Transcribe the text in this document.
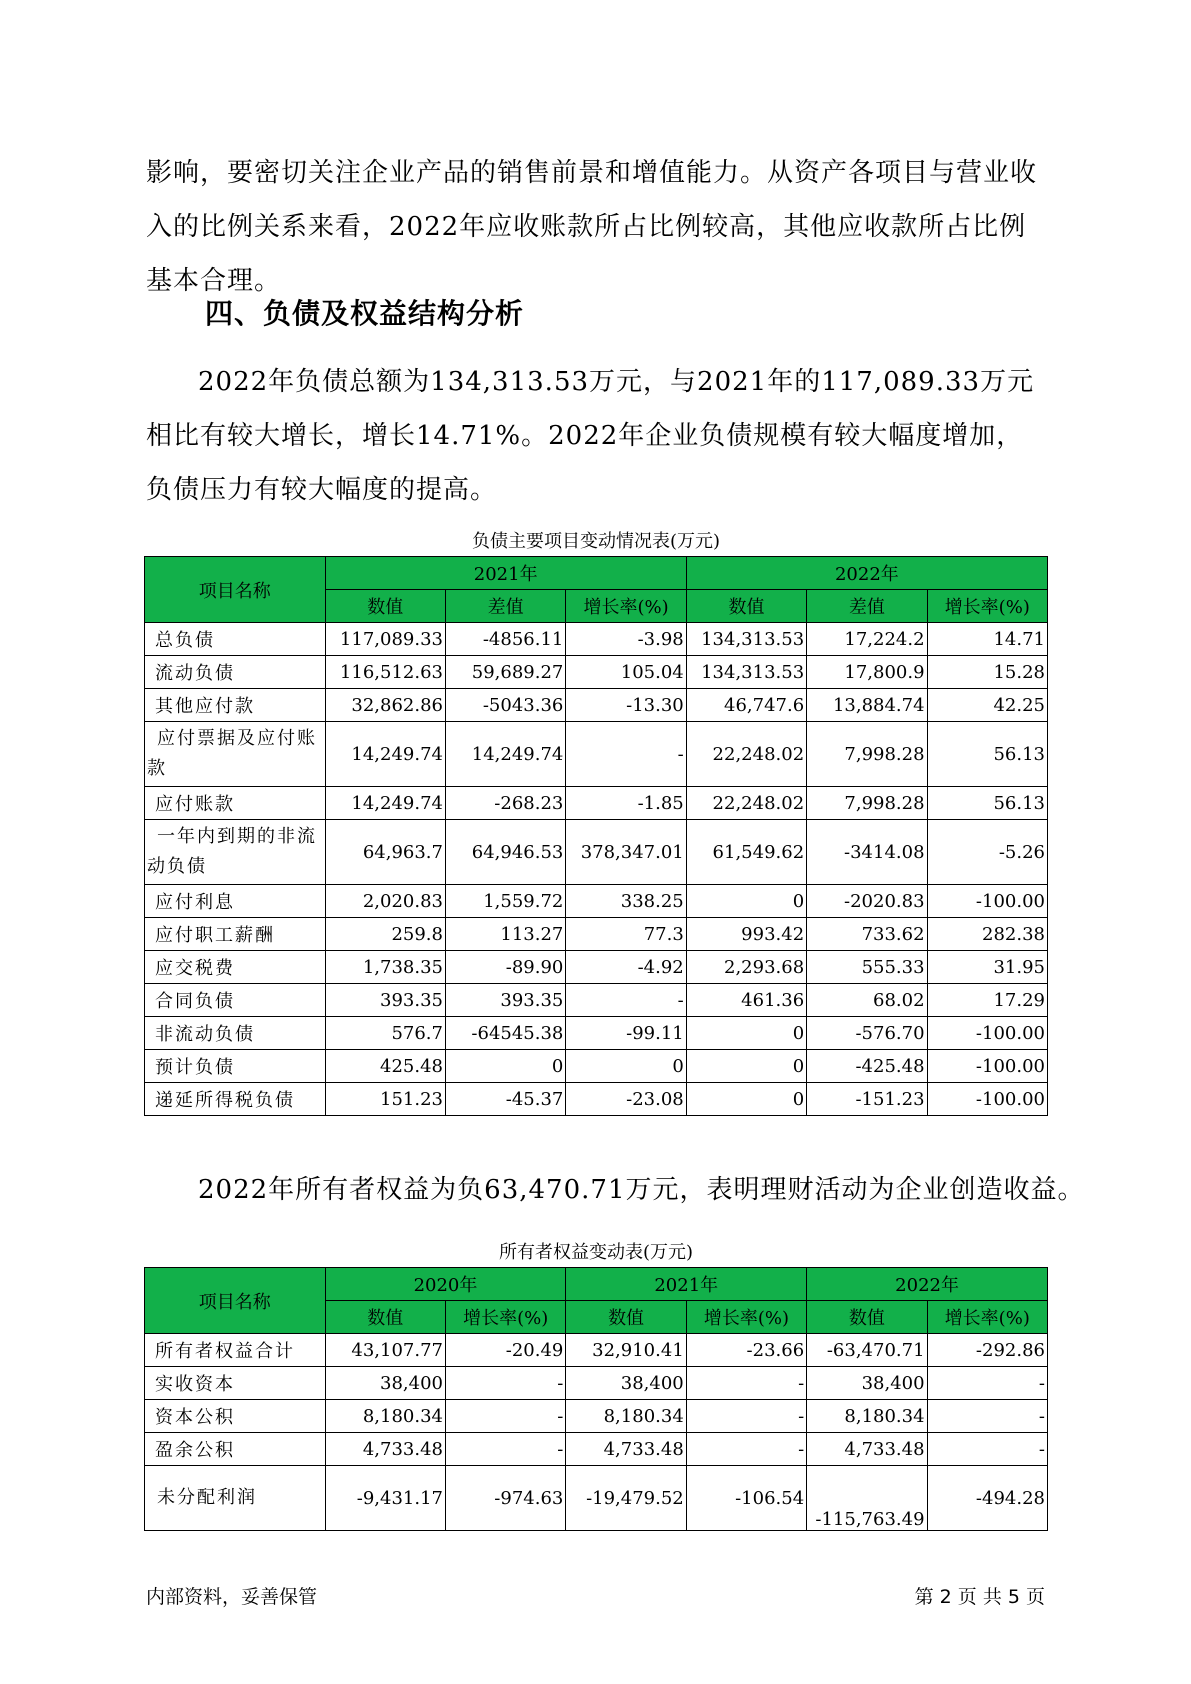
影响，要密切关注企业产品的销售前景和增值能力。从资产各项目与营业收入的比例关系来看，2022年应收账款所占比例较高，其他应收款所占比例基本合理。

四、负债及权益结构分析

2022年负债总额为134,313.53万元，与2021年的117,089.33万元相比有较大增长，增长14.71%。2022年企业负债规模有较大幅度增加，负债压力有较大幅度的提高。

负债主要项目变动情况表(万元)

项目名称	2021年			2022年		
	数值	差值	增长率(%)	数值	差值	增长率(%)
总负债	117,089.33	-4856.11	-3.98	134,313.53	17,224.2	14.71
流动负债	116,512.63	59,689.27	105.04	134,313.53	17,800.9	15.28
其他应付款	32,862.86	-5043.36	-13.30	46,747.6	13,884.74	42.25
应付票据及应付账款	14,249.74	14,249.74	-	22,248.02	7,998.28	56.13
应付账款	14,249.74	-268.23	-1.85	22,248.02	7,998.28	56.13
一年内到期的非流动负债	64,963.7	64,946.53	378,347.01	61,549.62	-3414.08	-5.26
应付利息	2,020.83	1,559.72	338.25	0	-2020.83	-100.00
应付职工薪酬	259.8	113.27	77.3	993.42	733.62	282.38
应交税费	1,738.35	-89.90	-4.92	2,293.68	555.33	31.95
合同负债	393.35	393.35	-	461.36	68.02	17.29
非流动负债	576.7	-64545.38	-99.11	0	-576.70	-100.00
预计负债	425.48	0	0	0	-425.48	-100.00
递延所得税负债	151.23	-45.37	-23.08	0	-151.23	-100.00

2022年所有者权益为负63,470.71万元，表明理财活动为企业创造收益。

所有者权益变动表(万元)

项目名称	2020年		2021年		2022年	
	数值	增长率(%)	数值	增长率(%)	数值	增长率(%)
所有者权益合计	43,107.77	-20.49	32,910.41	-23.66	-63,470.71	-292.86
实收资本	38,400	-	38,400	-	38,400	-
资本公积	8,180.34	-	8,180.34	-	8,180.34	-
盈余公积	4,733.48	-	4,733.48	-	4,733.48	-
未分配利润	-9,431.17	-974.63	-19,479.52	-106.54	-115,763.49	-494.28

内部资料，妥善保管	第 2 页 共 5 页
